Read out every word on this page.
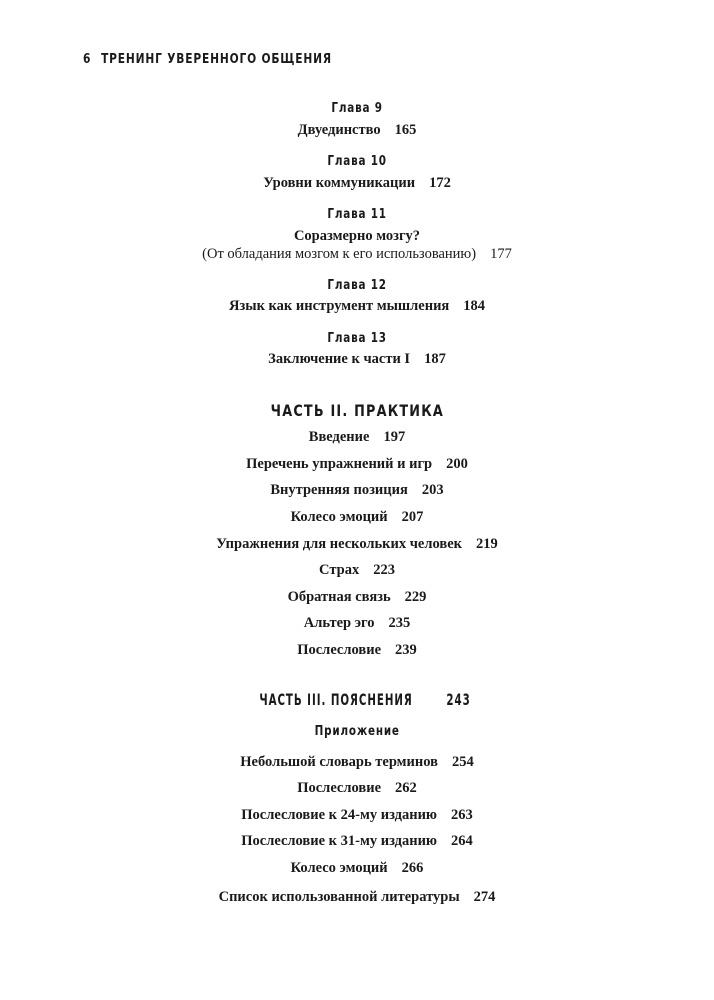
6 ТРЕНИНГ УВЕРЕННОГО ОБЩЕНИЯ
Глава 9
Двуединство 165
Глава 10
Уровни коммуникации 172
Глава 11
Соразмерно мозгу?
(От обладания мозгом к его использованию) 177
Глава 12
Язык как инструмент мышления 184
Глава 13
Заключение к части I 187
ЧАСТЬ II. ПРАКТИКА
Введение 197
Перечень упражнений и игр 200
Внутренняя позиция 203
Колесо эмоций 207
Упражнения для нескольких человек 219
Страх 223
Обратная связь 229
Альтер эго 235
Послесловие 239
ЧАСТЬ III. ПОЯСНЕНИЯ 243
Приложение
Небольшой словарь терминов 254
Послесловие 262
Послесловие к 24-му изданию 263
Послесловие к 31-му изданию 264
Колесо эмоций 266
Список использованной литературы 274
